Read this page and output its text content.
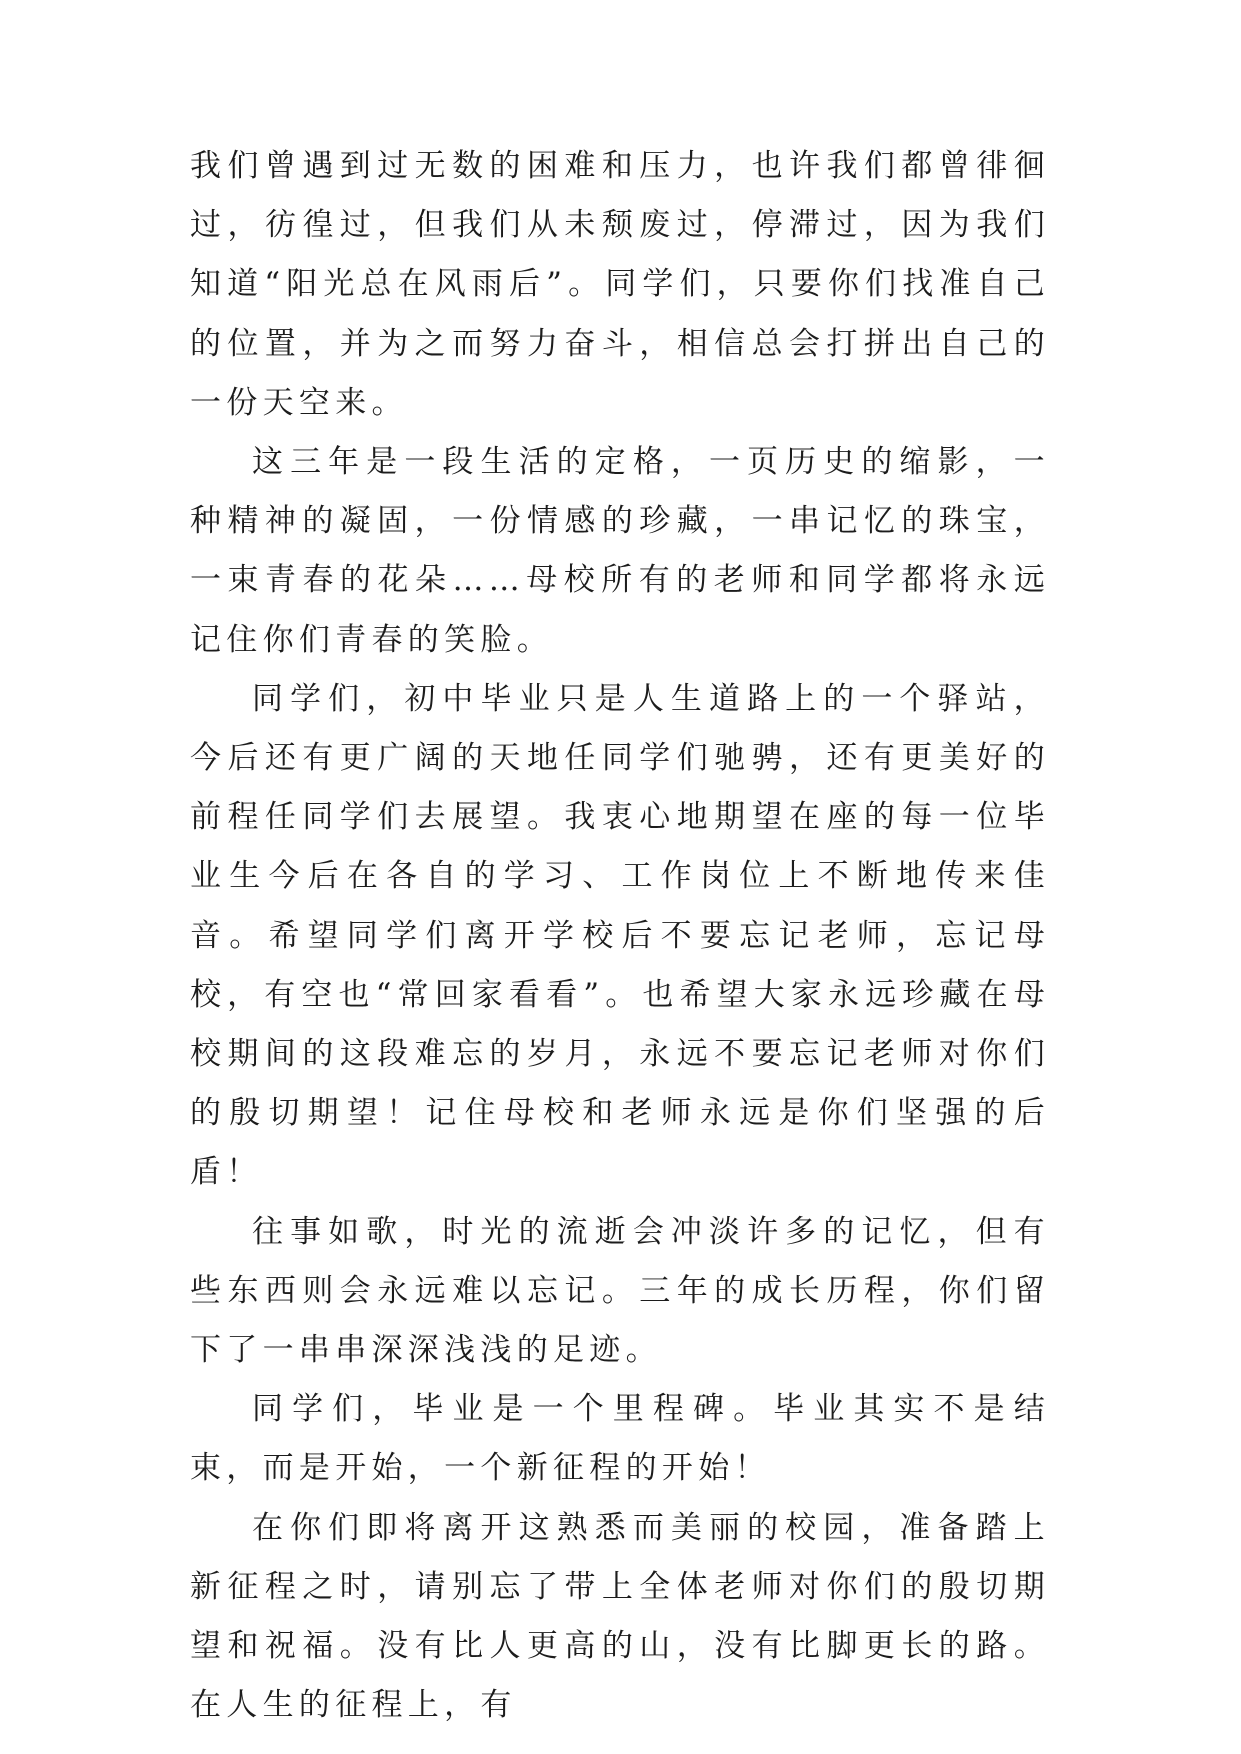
我们曾遇到过无数的困难和压力，也许我们都曾徘徊过，彷徨过，但我们从未颓废过，停滞过，因为我们知道“阳光总在风雨后”。同学们，只要你们找准自己的位置，并为之而努力奋斗，相信总会打拼出自己的一份天空来。

这三年是一段生活的定格，一页历史的缩影，一种精神的凝固，一份情感的珍藏，一串记忆的珠宝，一束青春的花朵……母校所有的老师和同学都将永远记住你们青春的笑脸。

同学们，初中毕业只是人生道路上的一个驿站，今后还有更广阔的天地任同学们驰骋，还有更美好的前程任同学们去展望。我衷心地期望在座的每一位毕业生今后在各自的学习、工作岗位上不断地传来佳音。希望同学们离开学校后不要忘记老师，忘记母校，有空也“常回家看看”。也希望大家永远珍藏在母校期间的这段难忘的岁月，永远不要忘记老师对你们的殷切期望！记住母校和老师永远是你们坚强的后盾！

往事如歌，时光的流逝会冲淡许多的记忆，但有些东西则会永远难以忘记。三年的成长历程，你们留下了一串串深深浅浅的足迹。

同学们，毕业是一个里程碑。毕业其实不是结束，而是开始，一个新征程的开始！

在你们即将离开这熟悉而美丽的校园，准备踏上新征程之时，请别忘了带上全体老师对你们的殷切期望和祝福。没有比人更高的山，没有比脚更长的路。在人生的征程上，有
